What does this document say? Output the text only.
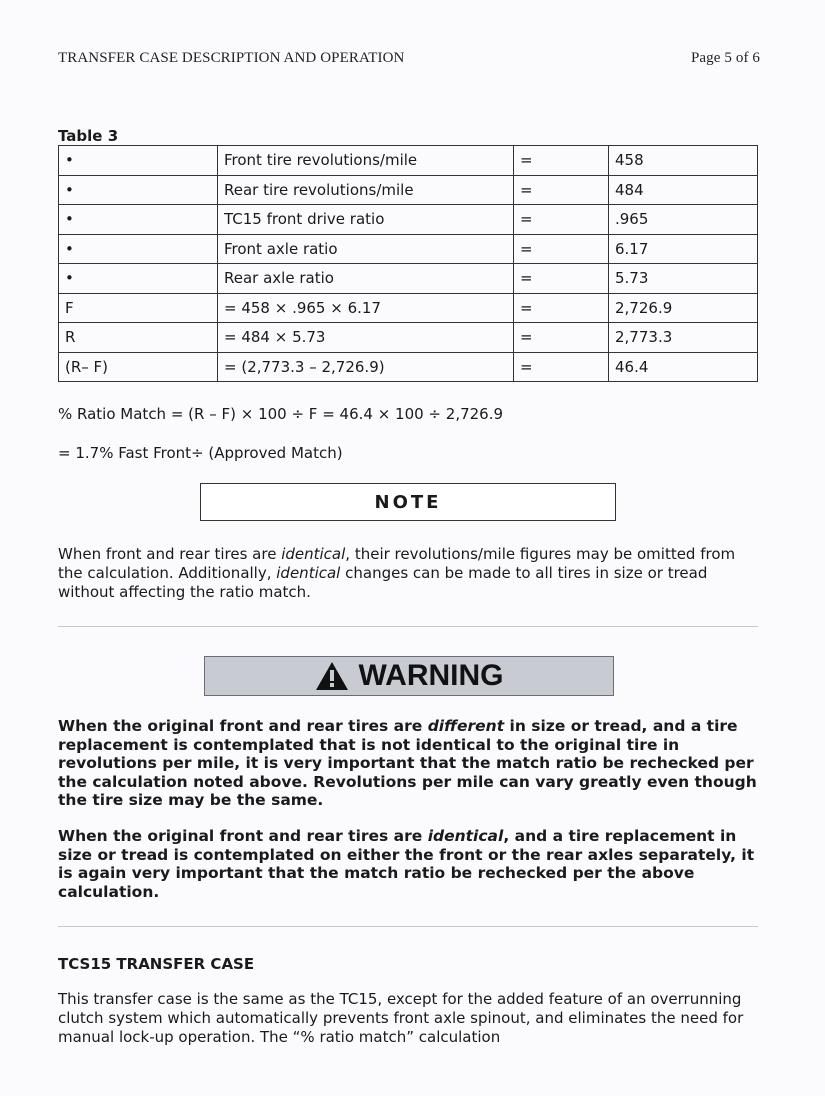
TRANSFER CASE DESCRIPTION AND OPERATION	Page 5 of 6
Table 3
•	Front tire revolutions/mile	=	458
•	Rear tire revolutions/mile	=	484
•	TC15 front drive ratio	=	.965
•	Front axle ratio	=	6.17
•	Rear axle ratio	=	5.73
F	= 458 × .965 × 6.17	=	2,726.9
R	= 484 × 5.73	=	2,773.3
(R– F)	= (2,773.3 – 2,726.9)	=	46.4
% Ratio Match = (R – F) × 100 ÷ F = 46.4 × 100 ÷ 2,726.9
= 1.7% Fast Front÷ (Approved Match)
NOTE
When front and rear tires are identical, their revolutions/mile figures may be omitted from the calculation. Additionally, identical changes can be made to all tires in size or tread without affecting the ratio match.
WARNING
When the original front and rear tires are different in size or tread, and a tire replacement is contemplated that is not identical to the original tire in revolutions per mile, it is very important that the match ratio be rechecked per the calculation noted above. Revolutions per mile can vary greatly even though the tire size may be the same.
When the original front and rear tires are identical, and a tire replacement in size or tread is contemplated on either the front or the rear axles separately, it is again very important that the match ratio be rechecked per the above calculation.
TCS15 TRANSFER CASE
This transfer case is the same as the TC15, except for the added feature of an overrunning clutch system which automatically prevents front axle spinout, and eliminates the need for manual lock-up operation. The “% ratio match” calculation
